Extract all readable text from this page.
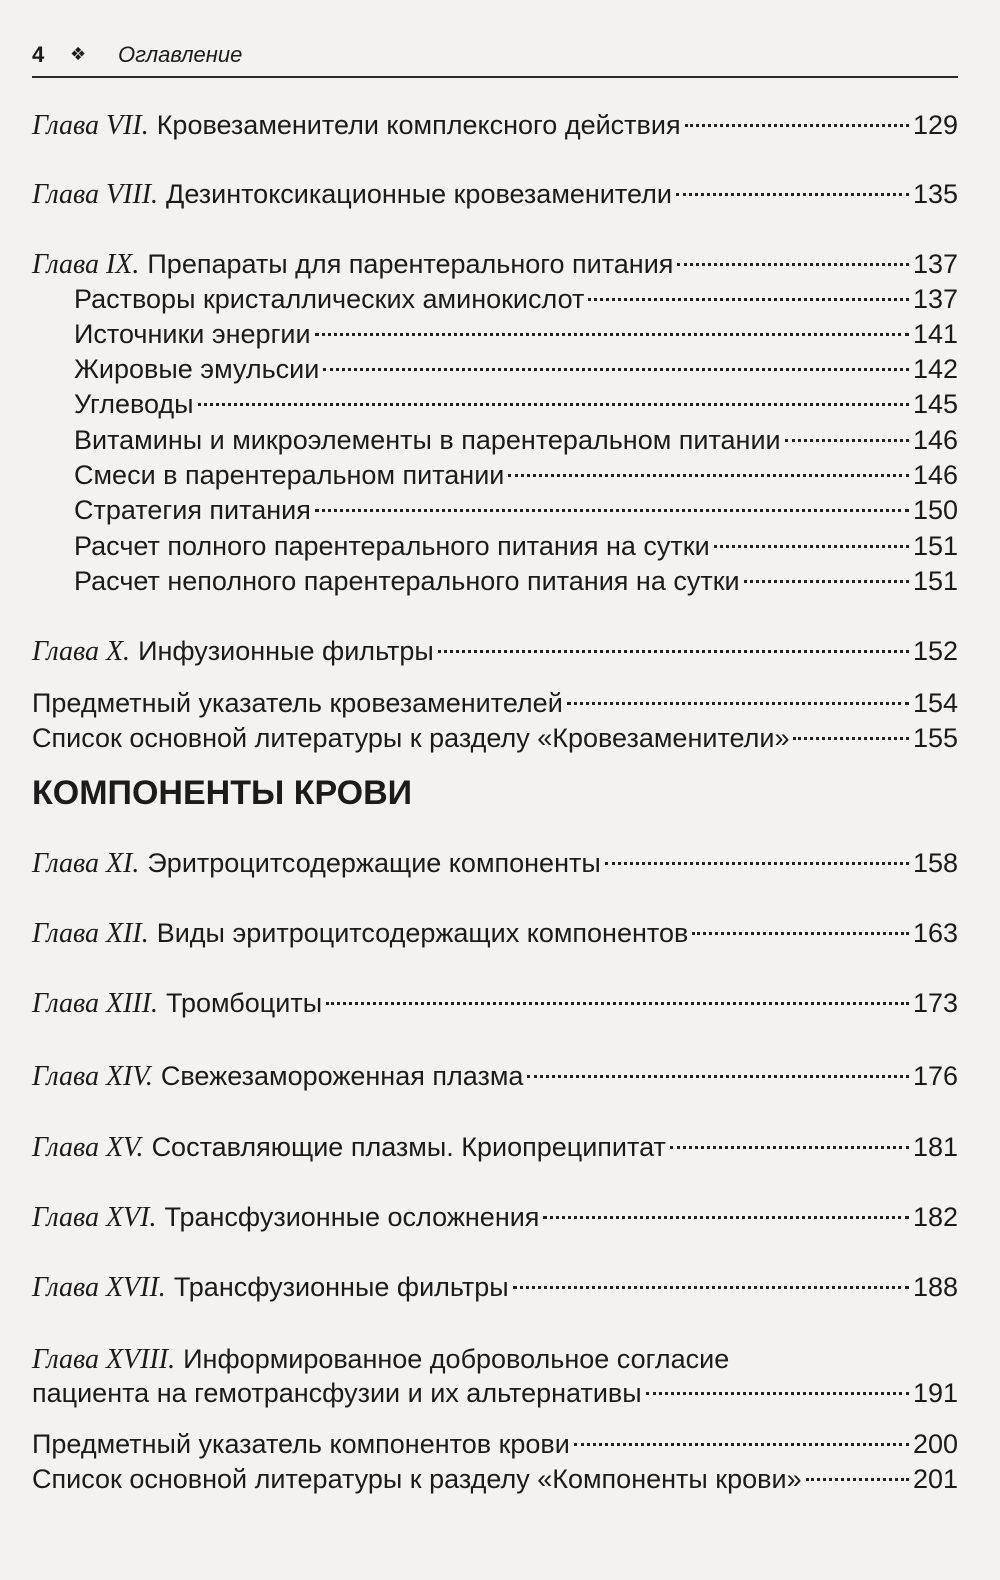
4 ❖ Оглавление
Глава VII. Кровезаменители комплексного действия	129
Глава VIII. Дезинтоксикационные кровезаменители	135
Глава IX. Препараты для парентерального питания	137
Растворы кристаллических аминокислот	137
Источники энергии	141
Жировые эмульсии	142
Углеводы	145
Витамины и микроэлементы в парентеральном питании	146
Смеси в парентеральном питании	146
Стратегия питания	150
Расчет полного парентерального питания на сутки	151
Расчет неполного парентерального питания на сутки	151
Глава X. Инфузионные фильтры	152
Предметный указатель кровезаменителей	154
Список основной литературы к разделу «Кровезаменители»	155
КОМПОНЕНТЫ КРОВИ
Глава XI. Эритроцитсодержащие компоненты	158
Глава XII. Виды эритроцитсодержащих компонентов	163
Глава XIII. Тромбоциты	173
Глава XIV. Свежезамороженная плазма	176
Глава XV. Составляющие плазмы. Криопреципитат	181
Глава XVI. Трансфузионные осложнения	182
Глава XVII. Трансфузионные фильтры	188
Глава XVIII. Информированное добровольное согласие
пациента на гемотрансфузии и их альтернативы	191
Предметный указатель компонентов крови	200
Список основной литературы к разделу «Компоненты крови»	201
